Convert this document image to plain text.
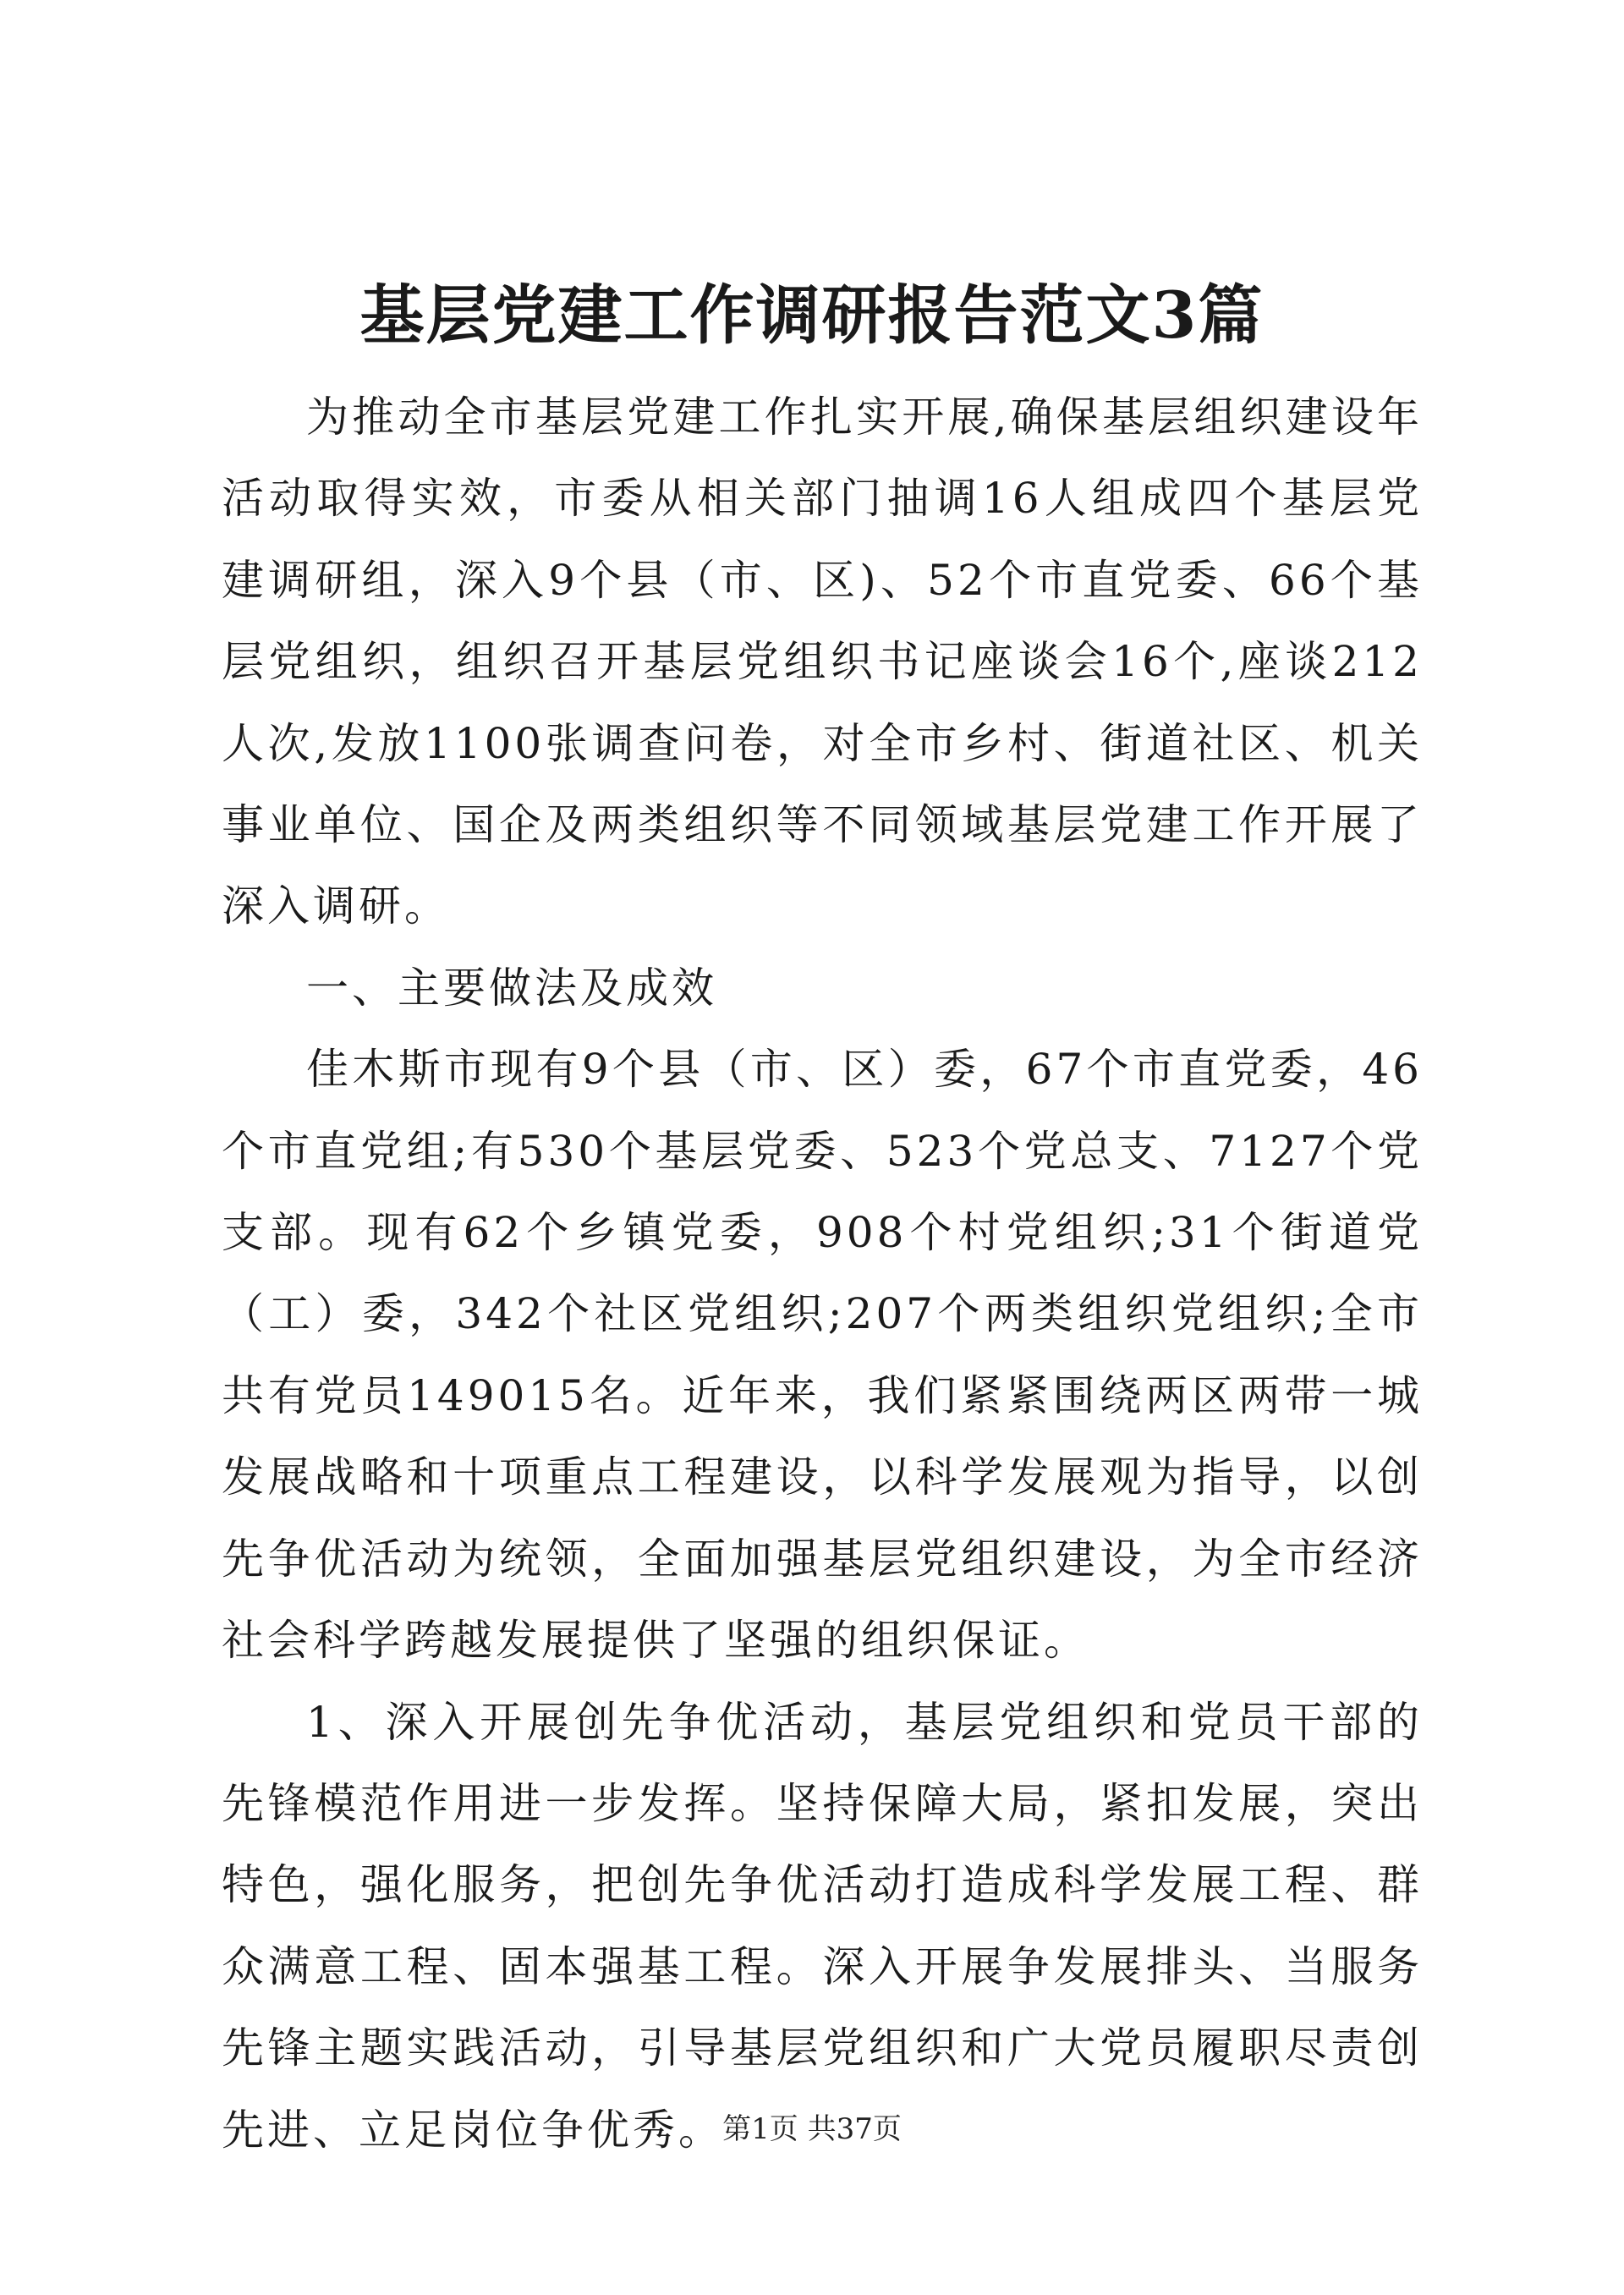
基层党建工作调研报告范文3篇

为推动全市基层党建工作扎实开展,确保基层组织建设年活动取得实效，市委从相关部门抽调16人组成四个基层党建调研组，深入9个县（市、区)、52个市直党委、66个基层党组织，组织召开基层党组织书记座谈会16个,座谈212人次,发放1100张调查问卷，对全市乡村、街道社区、机关事业单位、国企及两类组织等不同领域基层党建工作开展了深入调研。

一、主要做法及成效

佳木斯市现有9个县（市、区）委，67个市直党委，46个市直党组;有530个基层党委、523个党总支、7127个党支部。现有62个乡镇党委，908个村党组织;31个街道党（工）委，342个社区党组织;207个两类组织党组织;全市共有党员149015名。近年来，我们紧紧围绕两区两带一城发展战略和十项重点工程建设，以科学发展观为指导，以创先争优活动为统领，全面加强基层党组织建设，为全市经济社会科学跨越发展提供了坚强的组织保证。

1、深入开展创先争优活动，基层党组织和党员干部的先锋模范作用进一步发挥。坚持保障大局，紧扣发展，突出特色，强化服务，把创先争优活动打造成科学发展工程、群众满意工程、固本强基工程。深入开展争发展排头、当服务先锋主题实践活动，引导基层党组织和广大党员履职尽责创先进、立足岗位争优秀。

第1页 共37页
